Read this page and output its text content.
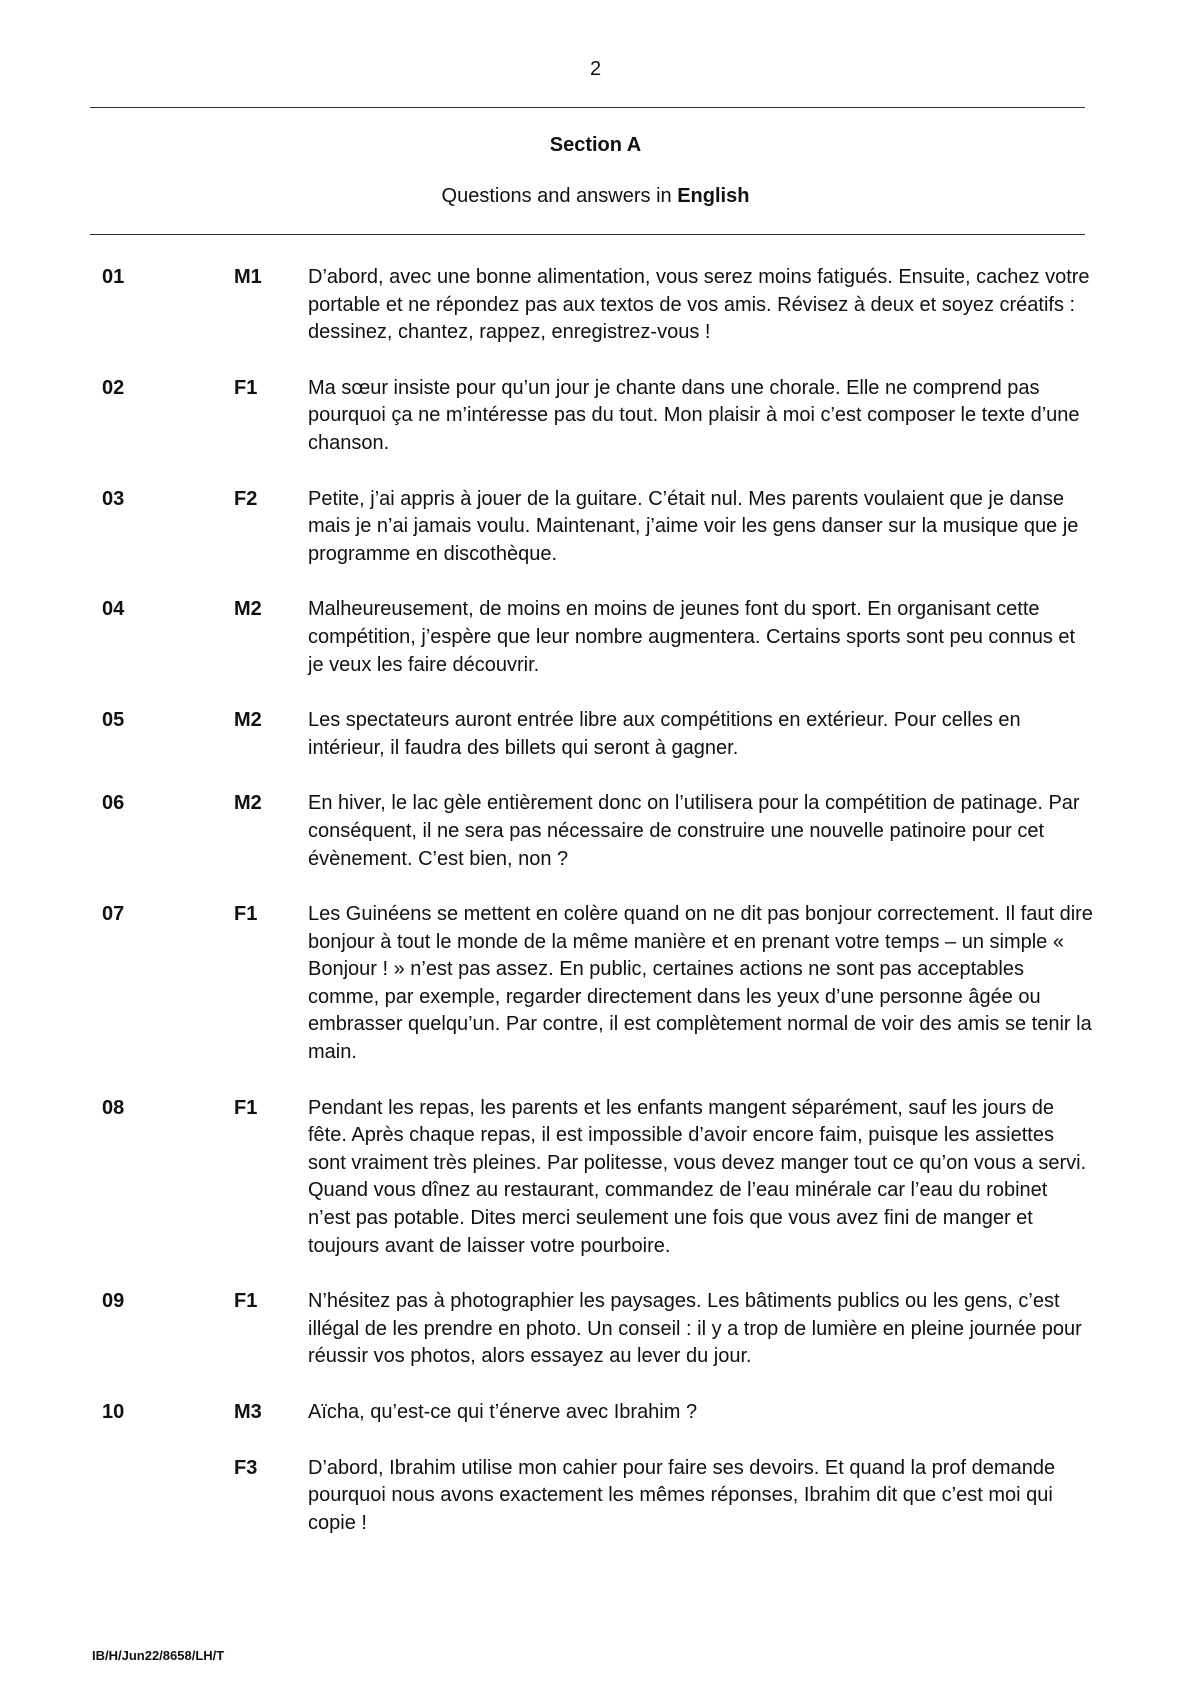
2
Section A
Questions and answers in English
01	M1 D’abord, avec une bonne alimentation, vous serez moins fatigués. Ensuite, cachez votre portable et ne répondez pas aux textos de vos amis. Révisez à deux et soyez créatifs : dessinez, chantez, rappez, enregistrez-vous !
02	F1	Ma sœur insiste pour qu’un jour je chante dans une chorale. Elle ne comprend pas pourquoi ça ne m’intéresse pas du tout. Mon plaisir à moi c’est composer le texte d’une chanson.
03	F2	Petite, j’ai appris à jouer de la guitare. C’était nul. Mes parents voulaient que je danse mais je n’ai jamais voulu. Maintenant, j’aime voir les gens danser sur la musique que je programme en discothèque.
04	M2 Malheureusement, de moins en moins de jeunes font du sport. En organisant cette compétition, j’espère que leur nombre augmentera. Certains sports sont peu connus et je veux les faire découvrir.
05	M2 Les spectateurs auront entrée libre aux compétitions en extérieur. Pour celles en intérieur, il faudra des billets qui seront à gagner.
06	M2 En hiver, le lac gèle entièrement donc on l’utilisera pour la compétition de patinage. Par conséquent, il ne sera pas nécessaire de construire une nouvelle patinoire pour cet évènement. C’est bien, non ?
07	F1	Les Guinéens se mettent en colère quand on ne dit pas bonjour correctement. Il faut dire bonjour à tout le monde de la même manière et en prenant votre temps – un simple « Bonjour ! » n’est pas assez. En public, certaines actions ne sont pas acceptables comme, par exemple, regarder directement dans les yeux d’une personne âgée ou embrasser quelqu’un. Par contre, il est complètement normal de voir des amis se tenir la main.
08	F1	Pendant les repas, les parents et les enfants mangent séparément, sauf les jours de fête. Après chaque repas, il est impossible d’avoir encore faim, puisque les assiettes sont vraiment très pleines. Par politesse, vous devez manger tout ce qu’on vous a servi. Quand vous dînez au restaurant, commandez de l’eau minérale car l’eau du robinet n’est pas potable. Dites merci seulement une fois que vous avez fini de manger et toujours avant de laisser votre pourboire.
09	F1	N’hésitez pas à photographier les paysages. Les bâtiments publics ou les gens, c’est illégal de les prendre en photo. Un conseil : il y a trop de lumière en pleine journée pour réussir vos photos, alors essayez au lever du jour.
10	M3 Aïcha, qu’est-ce qui t’énerve avec Ibrahim ?
F3	D’abord, Ibrahim utilise mon cahier pour faire ses devoirs. Et quand la prof demande pourquoi nous avons exactement les mêmes réponses, Ibrahim dit que c’est moi qui copie !
IB/H/Jun22/8658/LH/T
